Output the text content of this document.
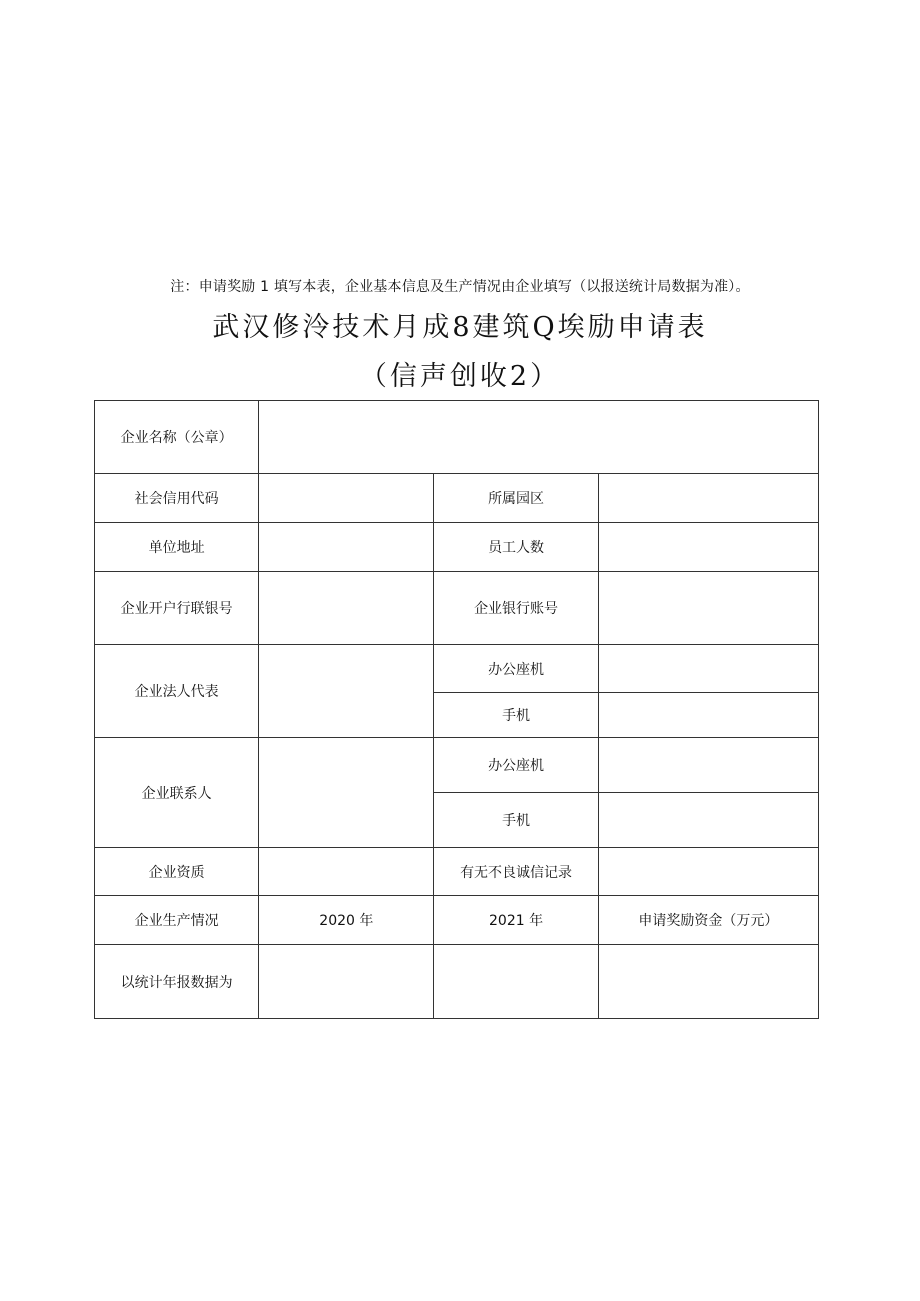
注：申请奖励 1 填写本表，企业基本信息及生产情况由企业填写（以报送统计局数据为准）。
武汉修泠技术月成8建筑Q埃励申请表
（信声创收2）
企业名称（公章）			
社会信用代码		所属园区	
单位地址		员工人数	
企业开户行联银号		企业银行账号	
企业法人代表		办公座机	
		手机	
企业联系人		办公座机	
		手机	
企业资质		有无不良诚信记录	
企业生产情况	2020 年	2021 年	申请奖励资金（万元）
以统计年报数据为			
